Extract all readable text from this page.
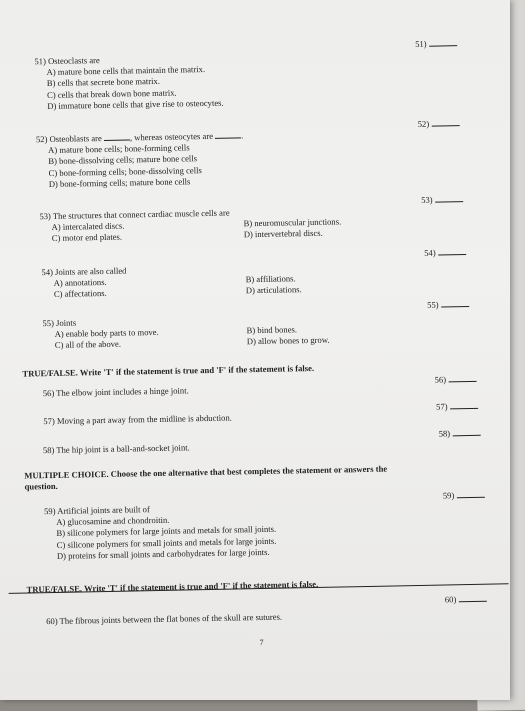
51)
51) Osteoclasts are
A) mature bone cells that maintain the matrix.
B) cells that secrete bone matrix.
C) cells that break down bone matrix.
D) immature bone cells that give rise to osteocytes.
52)
52) Osteoblasts are	, whereas osteocytes are	.
A) mature bone cells; bone-forming cells
B) bone-dissolving cells; mature bone cells
C) bone-forming cells; bone-dissolving cells
D) bone-forming cells; mature bone cells
53)
53) The structures that connect cardiac muscle cells are
A) intercalated discs.	B) neuromuscular junctions.
C) motor end plates.	D) intervertebral discs.
54)
54) Joints are also called
A) annotations.	B) affiliations.
C) affectations.	D) articulations.
55)
55) Joints
A) enable body parts to move.	B) bind bones.
C) all of the above.	D) allow bones to grow.
TRUE/FALSE. Write 'T' if the statement is true and 'F' if the statement is false.
56)
56) The elbow joint includes a hinge joint.
57)
57) Moving a part away from the midline is abduction.
58)
58) The hip joint is a ball-and-socket joint.
MULTIPLE CHOICE. Choose the one alternative that best completes the statement or answers the
question.
59)
59) Artificial joints are built of
A) glucosamine and chondroitin.
B) silicone polymers for large joints and metals for small joints.
C) silicone polymers for small joints and metals for large joints.
D) proteins for small joints and carbohydrates for large joints.
TRUE/FALSE. Write 'T' if the statement is true and 'F' if the statement is false.
60)
60) The fibrous joints between the flat bones of the skull are sutures.
7
